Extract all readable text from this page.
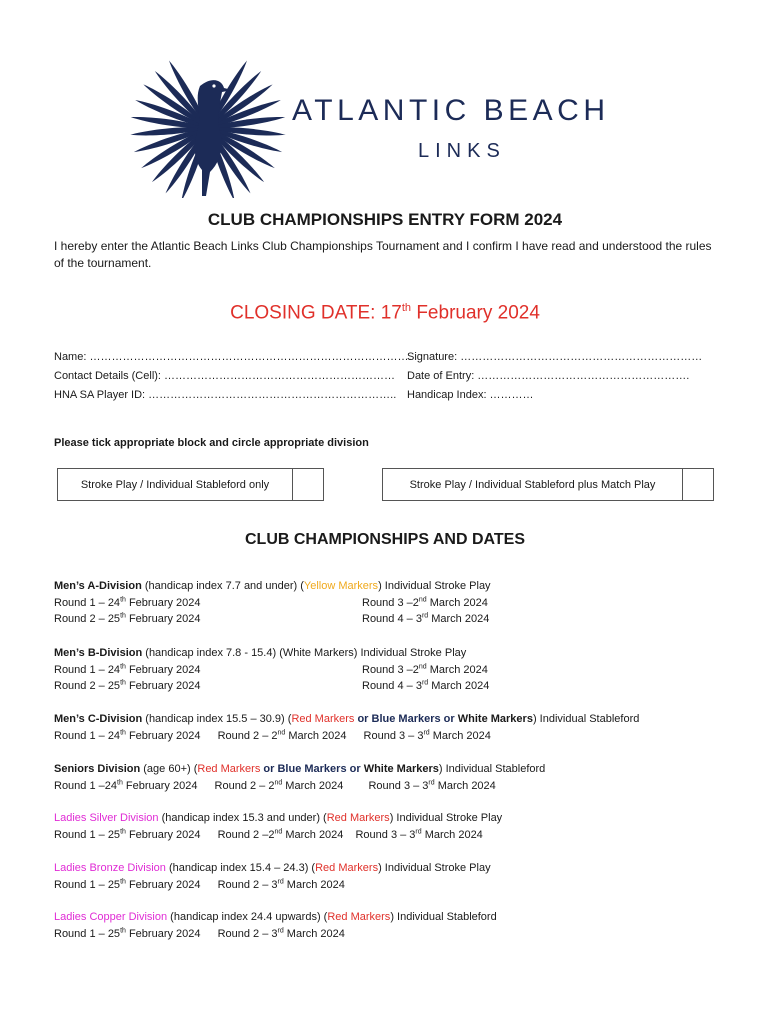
ATLANTIC BEACH
LINKS
CLUB CHAMPIONSHIPS ENTRY FORM 2024
I hereby enter the Atlantic Beach Links Club Championships Tournament and I confirm I have read and understood the rules of the tournament.
CLOSING DATE: 17th February 2024
Name: …………………………………………………………………………….
Contact Details (Cell): ………………………………………………………
HNA SA Player ID: …………………………………………………………..
Signature: …………………………………………………………
Date of Entry: ………………………………………………….
Handicap Index: …………
Please tick appropriate block and circle appropriate division
Stroke Play / Individual Stableford only	Stroke Play / Individual Stableford plus Match Play
CLUB CHAMPIONSHIPS AND DATES
Men’s A-Division (handicap index 7.7 and under) (Yellow Markers) Individual Stroke Play
Round 1 – 24th February 2024	Round 3 –2nd March 2024
Round 2 – 25th February 2024	Round 4 – 3rd March 2024
Men’s B-Division (handicap index 7.8 - 15.4) (White Markers) Individual Stroke Play
Round 1 – 24th February 2024	Round 3 –2nd March 2024
Round 2 – 25th February 2024	Round 4 – 3rd March 2024
Men’s C-Division (handicap index 15.5 – 30.9) (Red Markers or Blue Markers or White Markers) Individual Stableford
Round 1 – 24th February 2024 Round 2 – 2nd March 2024 Round 3 – 3rd March 2024
Seniors Division (age 60+) (Red Markers or Blue Markers or White Markers) Individual Stableford
Round 1 –24th February 2024 Round 2 – 2nd March 2024 Round 3 – 3rd March 2024
Ladies Silver Division (handicap index 15.3 and under) (Red Markers) Individual Stroke Play
Round 1 – 25th February 2024 Round 2 –2nd March 2024 Round 3 – 3rd March 2024
Ladies Bronze Division (handicap index 15.4 – 24.3) (Red Markers) Individual Stroke Play
Round 1 – 25th February 2024 Round 2 – 3rd March 2024
Ladies Copper Division (handicap index 24.4 upwards) (Red Markers) Individual Stableford
Round 1 – 25th February 2024 Round 2 – 3rd March 2024
